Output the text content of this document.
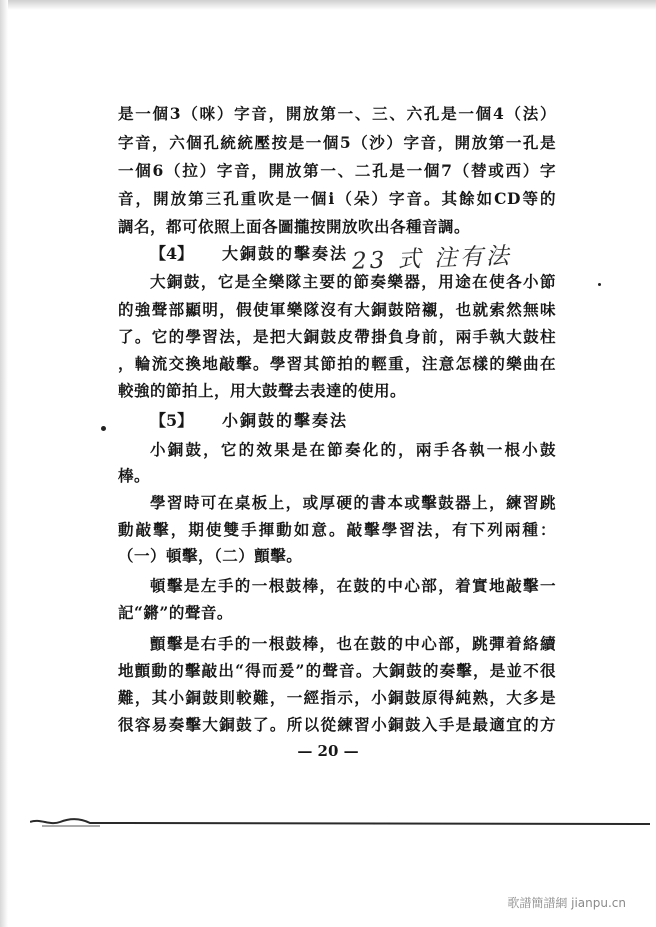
是一個3（咪）字音，開放第一、三、六孔是一個4（法）
字音，六個孔統統壓按是一個5（沙）字音，開放第一孔是
一個6（拉）字音，開放第一、二孔是一個7（替或西）字
音，開放第三孔重吹是一個i（朵）字音。其餘如CD等的
調名，都可依照上面各圖攏按開放吹出各種音調。
【4】 大銅鼓的擊奏法 23 式 注有法
大銅鼓，它是全樂隊主要的節奏樂器，用途在使各小節
的強聲部顯明，假使軍樂隊沒有大銅鼓陪襯，也就索然無味
了。它的學習法，是把大銅鼓皮帶掛負身前，兩手執大鼓柱
，輪流交換地敲擊。學習其節拍的輕重，注意怎樣的樂曲在
較強的節拍上，用大鼓聲去表達的使用。
【5】 小銅鼓的擊奏法
小銅鼓，它的效果是在節奏化的，兩手各執一根小鼓
棒。
學習時可在桌板上，或厚硬的書本或擊鼓器上，練習跳
動敲擊，期使雙手揮動如意。敲擊學習法，有下列兩種：
（一）頓擊，（二）顫擊。
頓擊是左手的一根鼓棒，在鼓的中心部，着實地敲擊一
記“鏘”的聲音。
顫擊是右手的一根鼓棒，也在鼓的中心部，跳彈着絡續
地顫動的擊敲出“得而爰”的聲音。大銅鼓的奏擊，是並不很
難，其小銅鼓則較難，一經指示，小銅鼓原得純熟，大多是
很容易奏擊大銅鼓了。所以從練習小銅鼓入手是最適宜的方
— 20 —
歌譜簡譜網 jianpu.cn
